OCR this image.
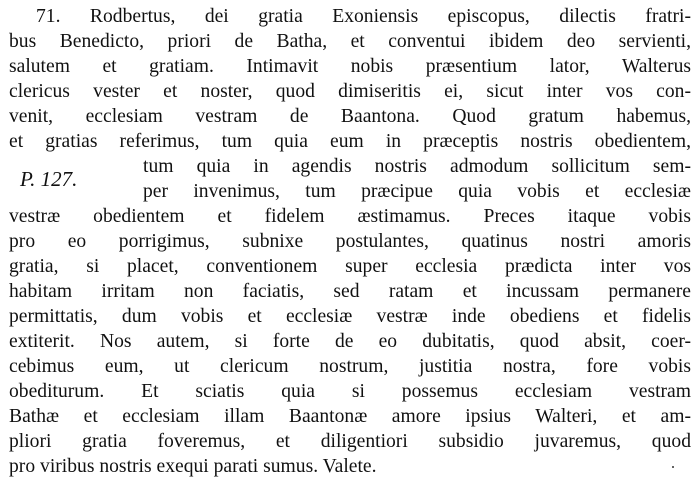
71. Rodbertus, dei gratia Exoniensis episcopus, dilectis fratri-
bus Benedicto, priori de Batha, et conventui ibidem deo servienti,
salutem et gratiam. Intimavit nobis præsentium lator, Walterus
clericus vester et noster, quod dimiseritis ei, sicut inter vos con-
venit, ecclesiam vestram de Baantona. Quod gratum habemus,
et gratias referimus, tum quia eum in præceptis nostris obedientem,
tum quia in agendis nostris admodum sollicitum sem-
per invenimus, tum præcipue quia vobis et ecclesiæ
vestræ obedientem et fidelem æstimamus. Preces itaque vobis
pro eo porrigimus, subnixe postulantes, quatinus nostri amoris
gratia, si placet, conventionem super ecclesia prædicta inter vos
habitam irritam non faciatis, sed ratam et incussam permanere
permittatis, dum vobis et ecclesiæ vestræ inde obediens et fidelis
extiterit. Nos autem, si forte de eo dubitatis, quod absit, coer-
cebimus eum, ut clericum nostrum, justitia nostra, fore vobis
obediturum. Et sciatis quia si possemus ecclesiam vestram
Bathæ et ecclesiam illam Baantonæ amore ipsius Walteri, et am-
pliori gratia foveremus, et diligentiori subsidio juvaremus, quod
pro viribus nostris exequi parati sumus. Valete.
P. 127.
